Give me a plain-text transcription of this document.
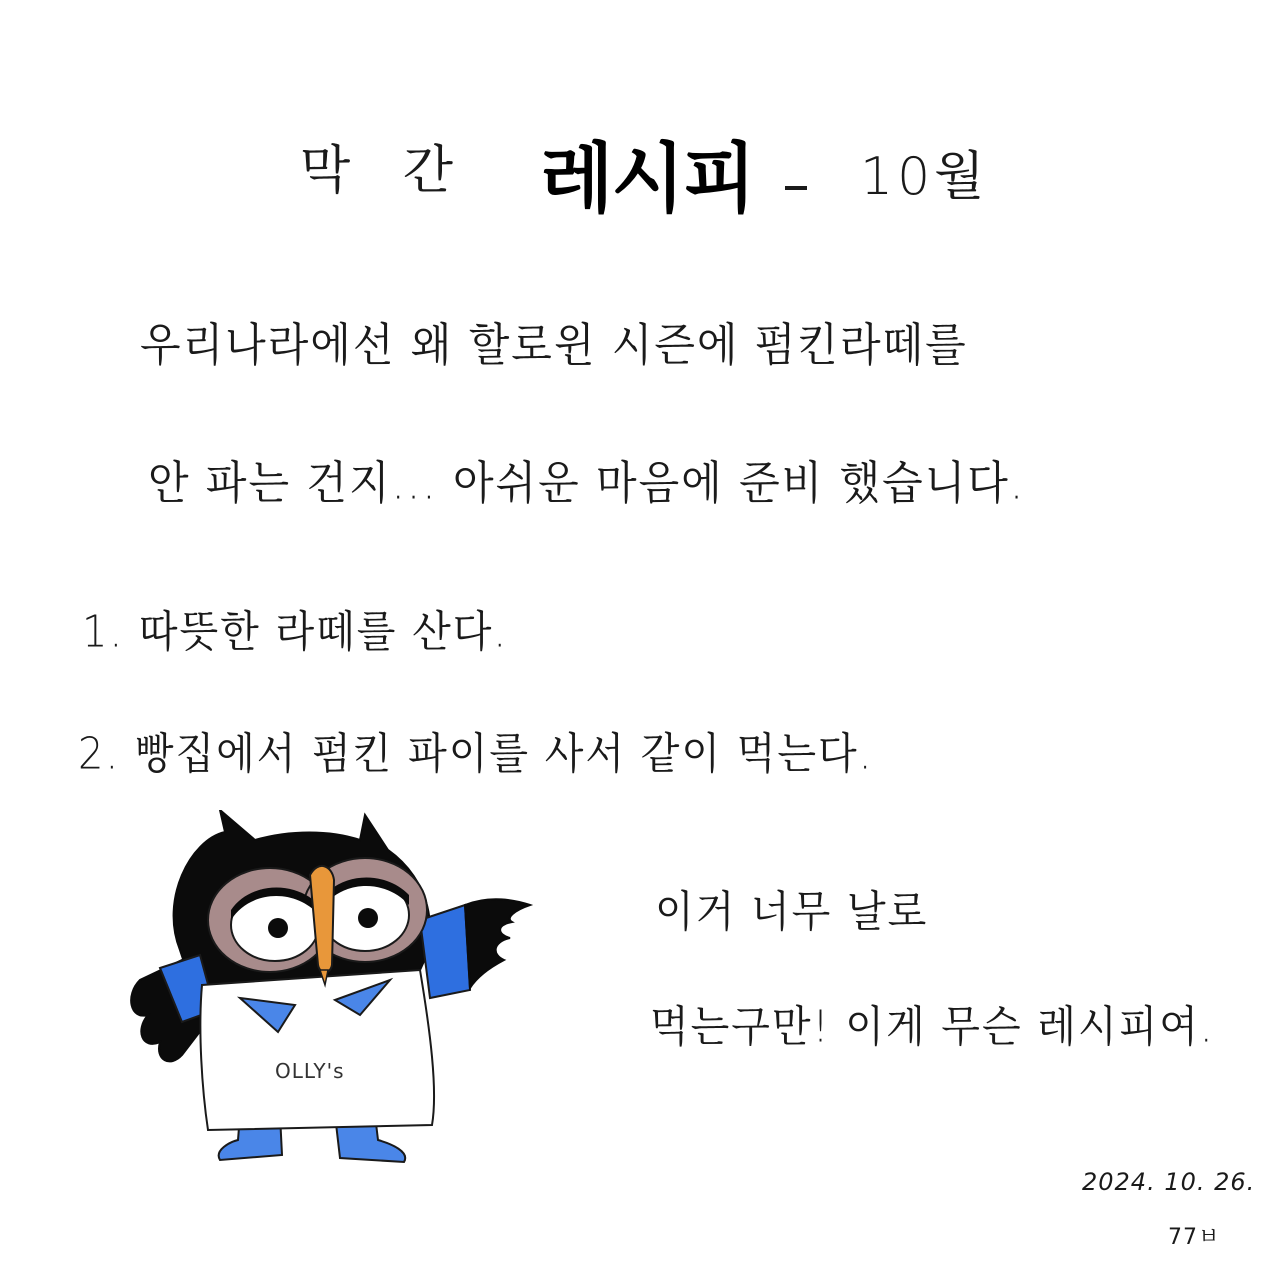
막 간 레시피 10월
우리나라에선 왜 할로윈 시즌에 펌킨라떼를
안 파는 건지... 아쉬운 마음에 준비 했습니다.
1. 따뜻한 라떼를 산다.
2. 빵집에서 펌킨 파이를 사서 같이 먹는다.
OLLY's
이거 너무 날로
먹는구만! 이게 무슨 레시피여.
2024. 10. 26.
77ㅂ
